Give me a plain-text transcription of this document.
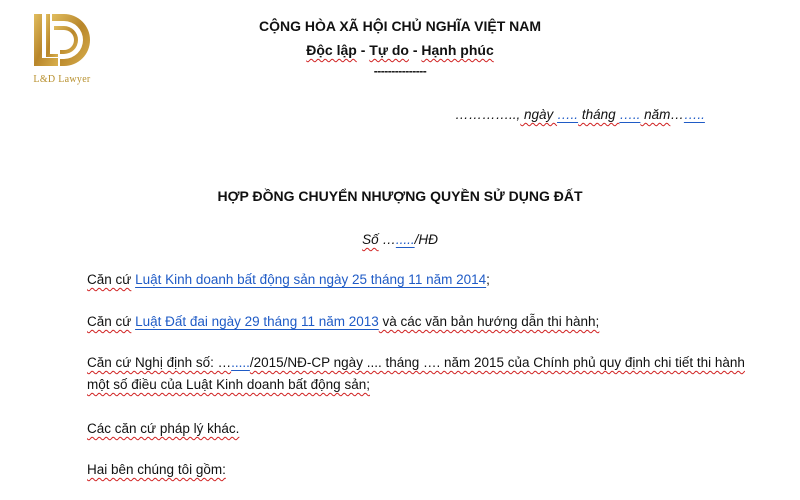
L&D Lawyer
CỘNG HÒA XÃ HỘI CHỦ NGHĨA VIỆT NAM
Độc lập - Tự do - Hạnh phúc
---------------
………….., ngày ….. tháng ….. năm……..
HỢP ĐỒNG CHUYỂN NHƯỢNG QUYỀN SỬ DỤNG ĐẤT
Số …...../HĐ
Căn cứ Luật Kinh doanh bất động sản ngày 25 tháng 11 năm 2014;
Căn cứ Luật Đất đai ngày 29 tháng 11 năm 2013 và các văn bản hướng dẫn thi hành;
Căn cứ Nghị định số: …...../2015/NĐ-CP ngày .... tháng …. năm 2015 của Chính phủ quy định chi tiết thi hành một số điều của Luật Kinh doanh bất động sản;
Các căn cứ pháp lý khác.
Hai bên chúng tôi gồm:
